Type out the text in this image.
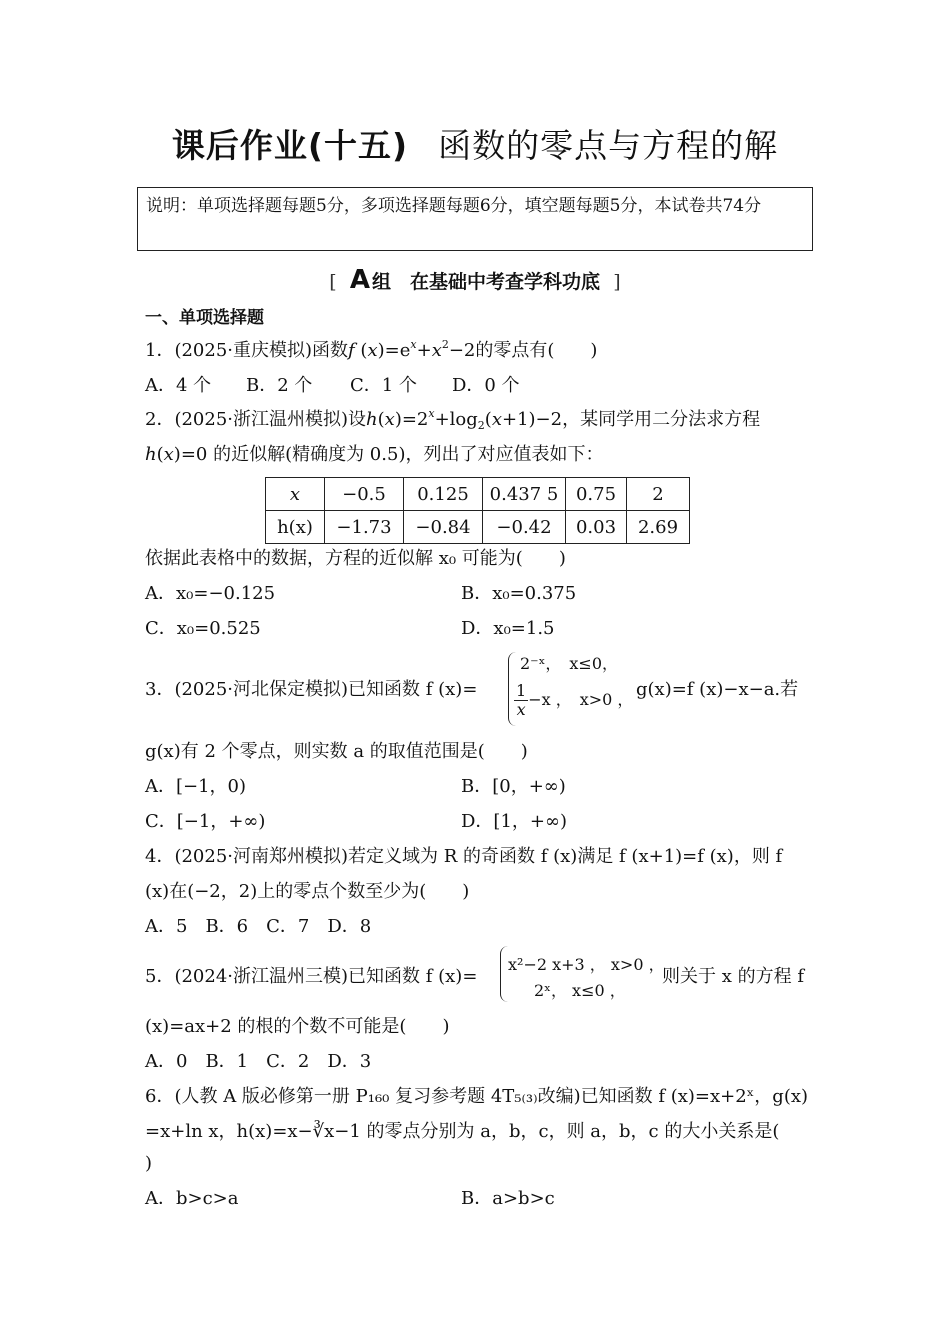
课后作业(十五) 函数的零点与方程的解
说明：单项选择题每题5分，多项选择题每题6分，填空题每题5分，本试卷共74分
[ A 组　在基础中考查学科功底 ]
一、单项选择题
1．(2025·重庆模拟)函数f $(x)=e^x+x^2-2$的零点有(　　)
A．4 个 B．2 个 C．1 个 D．0 个
2．(2025·浙江温州模拟)设$h(x)=2^x+\log_2(x+1)-2$，某同学用二分法求方程
h(x)=0 的近似解(精确度为 0.5)，列出了对应值表如下：
x	−0.5	0.125	0.437 5	0.75	2
h(x)	−1.73	−0.84	−0.42	0.03	2.69
依据此表格中的数据，方程的近似解 x₀ 可能为(　　)
A．x₀=−0.125	B．x₀=0.375
C．x₀=0.525	D．x₀=1.5
3．(2025·河北保定模拟)已知函数 f (x)=
2⁻ˣ，　x≤0，
$\frac{1}{x} -x$ ，　x>0 ， g(x)=f (x)−x−a.若
g(x)有 2 个零点，则实数 a 的取值范围是(　　)
A．[−1，0)	B．[0，+∞)
C．[−1，+∞)	D．[1，+∞)
4．(2025·河南郑州模拟)若定义域为 R 的奇函数 f (x)满足 f (x+1)=f (x)，则 f
(x)在(−2，2)上的零点个数至少为(　　)
A．5　B．6　C．7　D．8
5．(2024·浙江温州三模)已知函数 f (x)=
x²−2 x+3 ， x>0 ，
2ˣ， x≤0 ，
则关于 x 的方程 f
(x)=ax+2 的根的个数不可能是(　　)
A．0　B．1　C．2　D．3
6．(人教 A 版必修第一册 P₁₆₀ 复习参考题 4T₅₍₃₎改编)已知函数 f (x)=x+2ˣ，g(x)
=x+ln x，h(x)=x−∛x−1 的零点分别为 a，b，c，则 a，b，c 的大小关系是(
)
A．b>c>a	B．a>b>c
